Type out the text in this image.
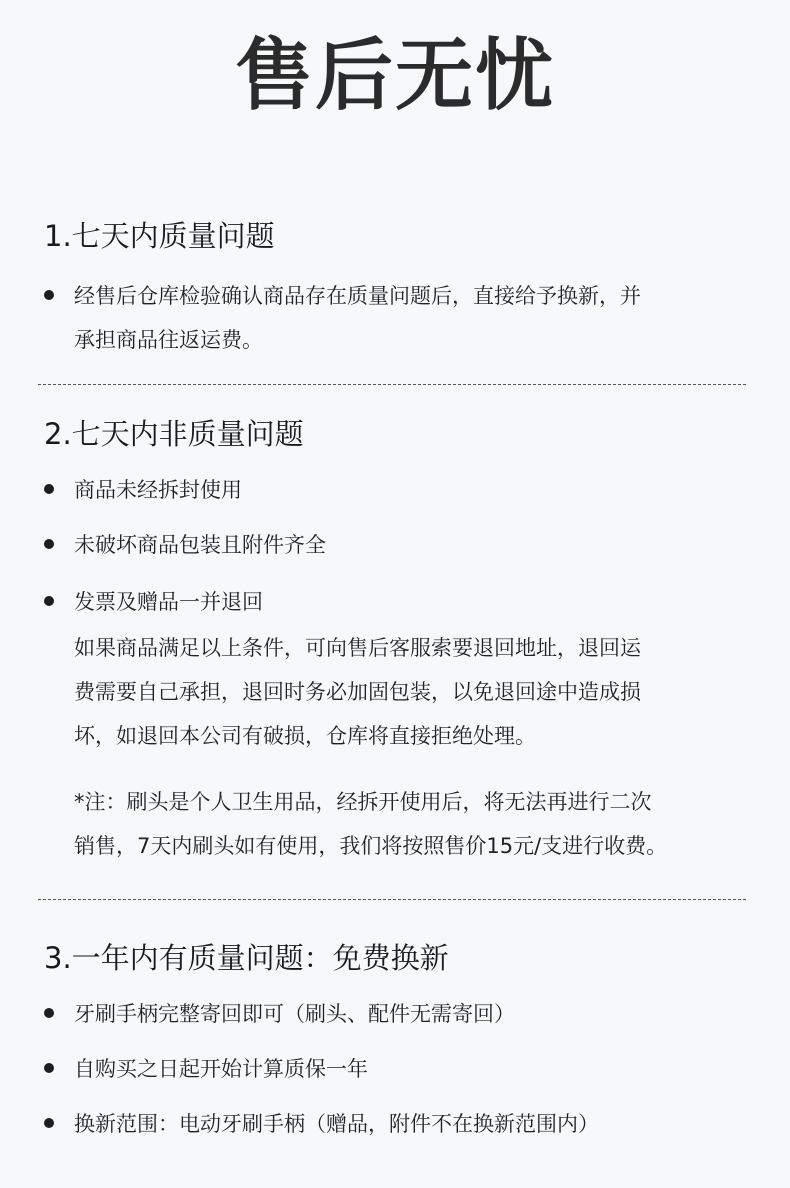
售后无忧
1.七天内质量问题
经售后仓库检验确认商品存在质量问题后，直接给予换新，并
承担商品往返运费。
2.七天内非质量问题
商品未经拆封使用
未破坏商品包装且附件齐全
发票及赠品一并退回
如果商品满足以上条件，可向售后客服索要退回地址，退回运
费需要自己承担，退回时务必加固包装，以免退回途中造成损
坏，如退回本公司有破损，仓库将直接拒绝处理。
*注：刷头是个人卫生用品，经拆开使用后，将无法再进行二次
销售，7天内刷头如有使用，我们将按照售价15元/支进行收费。
3.一年内有质量问题：免费换新
牙刷手柄完整寄回即可（刷头、配件无需寄回）
自购买之日起开始计算质保一年
换新范围：电动牙刷手柄（赠品，附件不在换新范围内）
